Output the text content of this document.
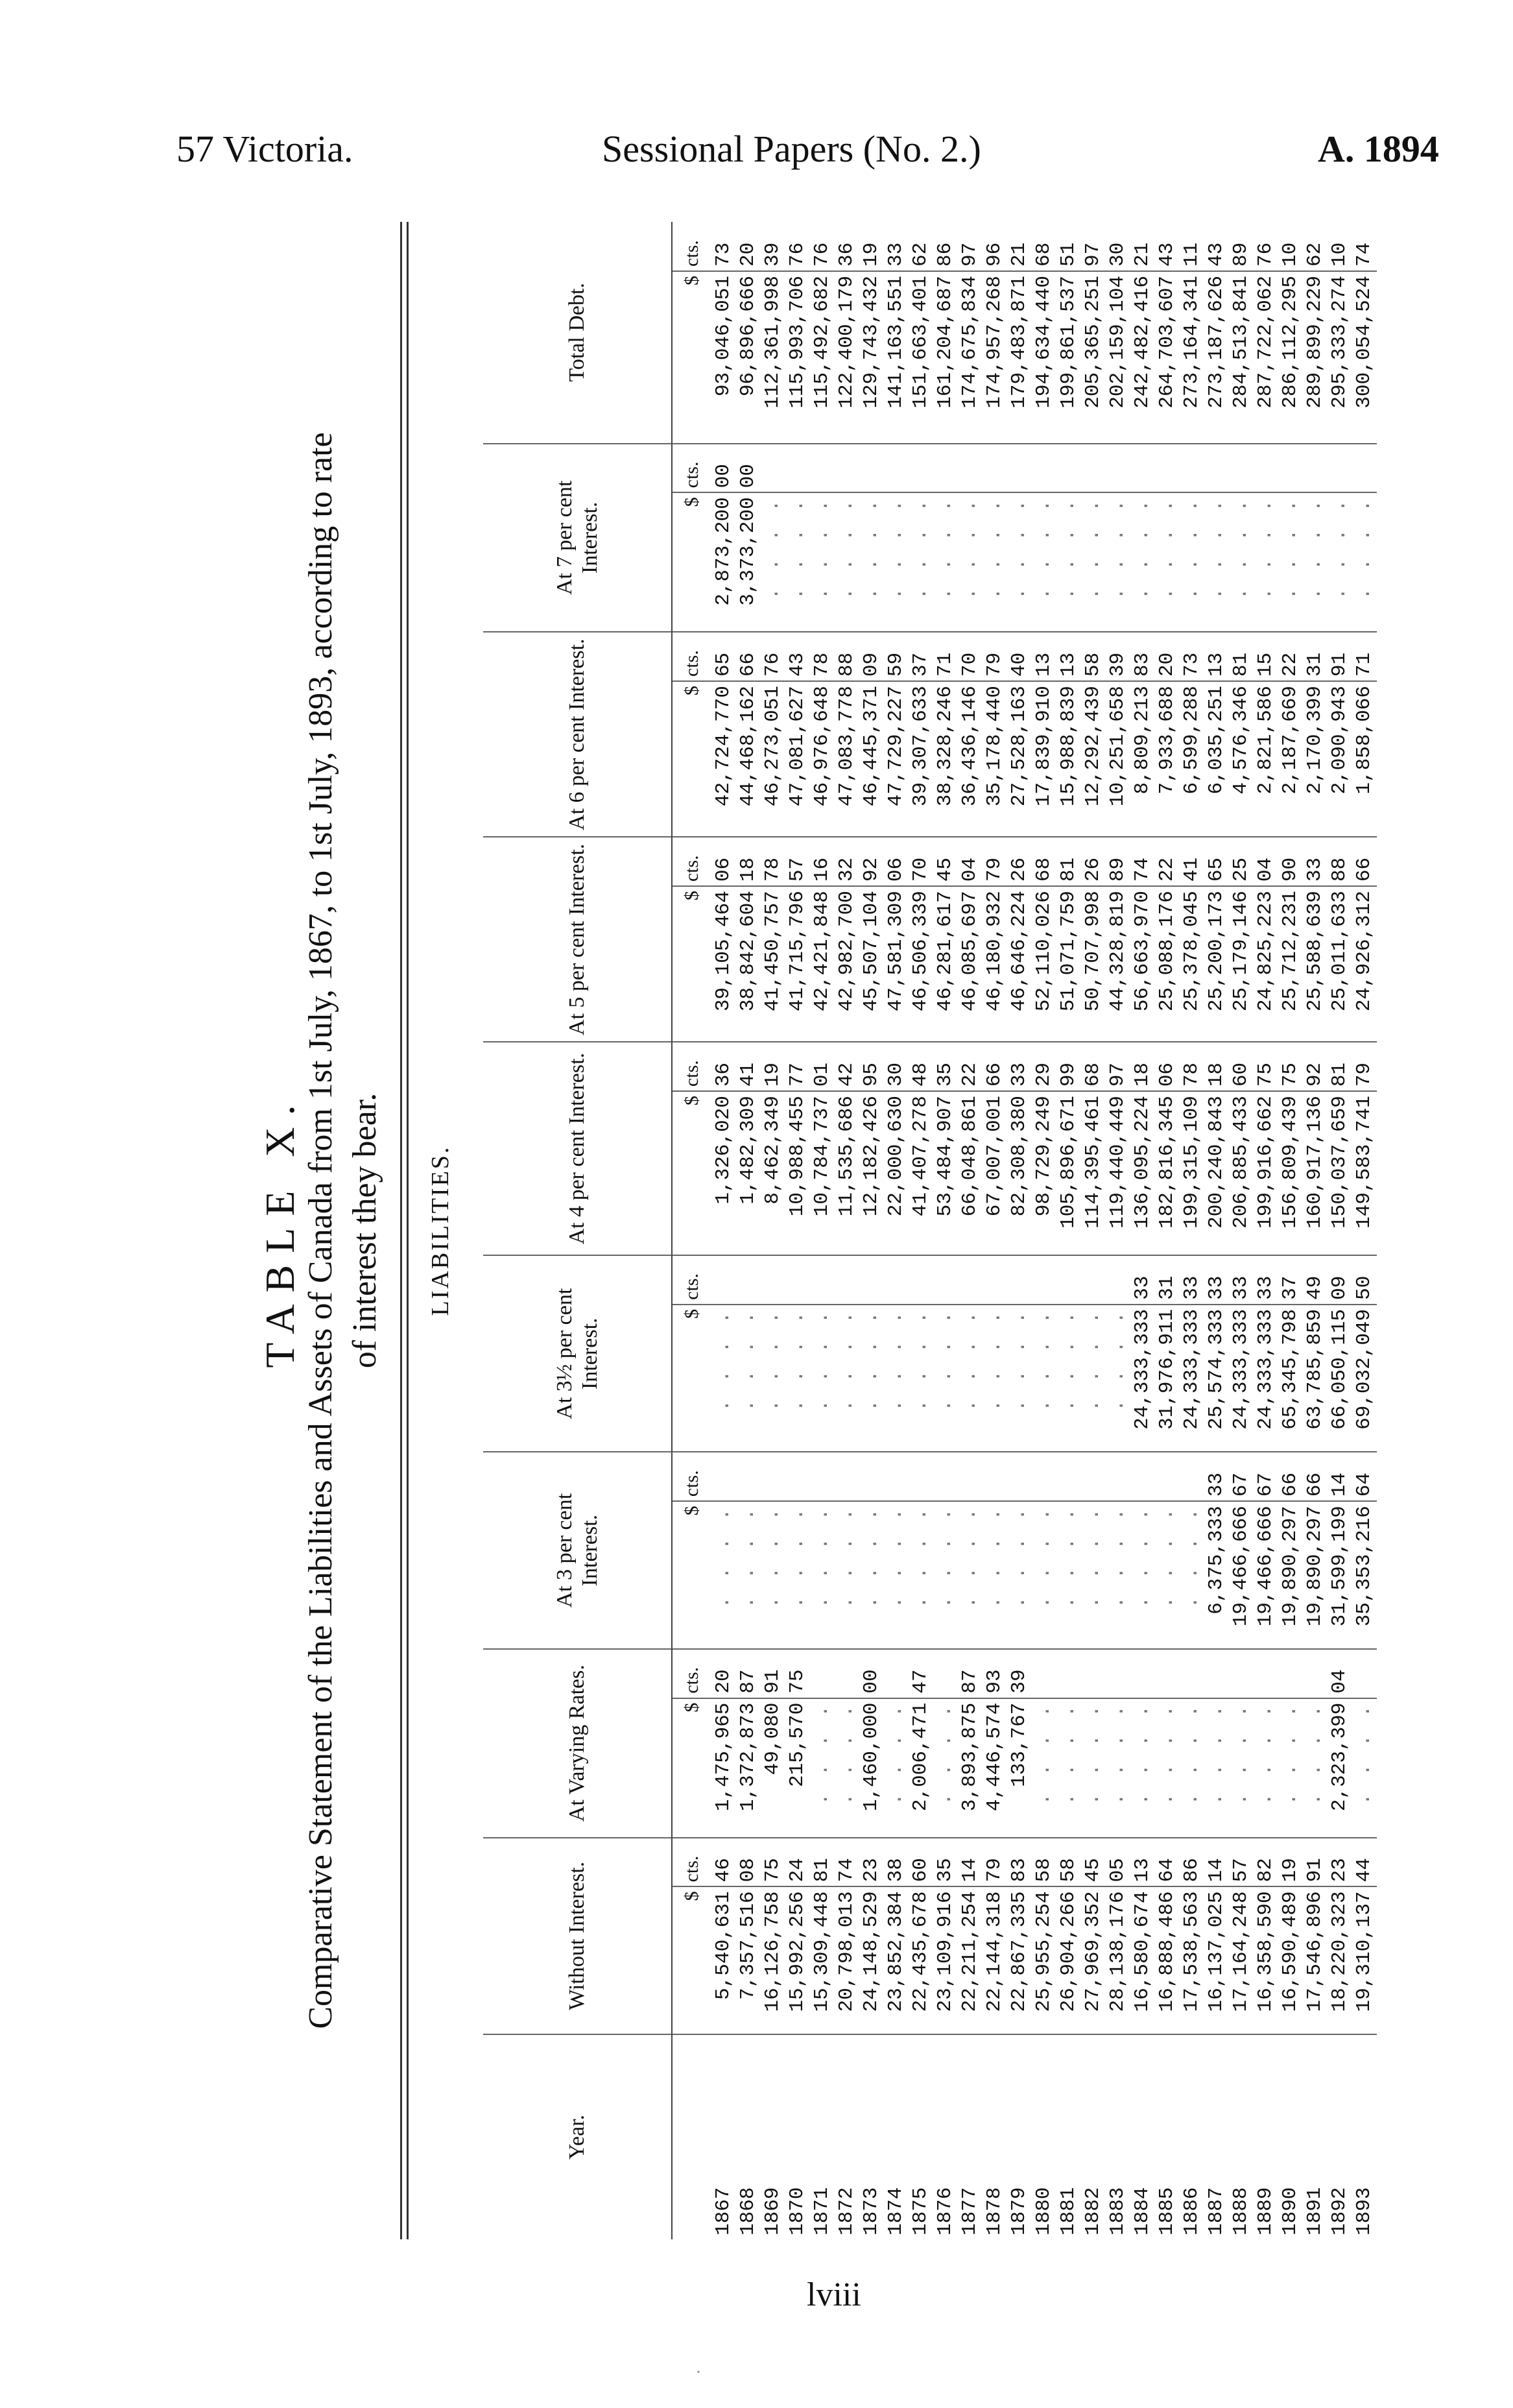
57 Victoria.	Sessional Papers (No. 2.)	A. 1894
TABLE X. Comparative Statement of the Liabilities and Assets of Canada from 1st July, 1867, to 1st July, 1893, according to rate of interest they bear. LIABILITIES.
Year.	Without Interest.		At Varying Rates.		At 3 per cent Interest.		At 3½ per cent Interest.		At 4 per cent Interest.		At 5 per cent Interest.		At 6 per cent Interest.		At 7 per cent Interest.		Total Debt.	
	$	cts.	$	cts.	$	cts.	$	cts.	$	cts.	$	cts.	$	cts.	$	cts.	$	cts.
1867	5,540,631	46	1,475,965	20	. . . .		. . . .		1,326,020	36	39,105,464	06	42,724,770	65	2,873,200	00	93,046,051	73
1868	7,357,516	08	1,372,873	87	. . . .		. . . .		1,482,309	41	38,842,604	18	44,468,162	66	3,373,200	00	96,896,666	20
1869	16,126,758	75	49,080	91	. . . .		. . . .		8,462,349	19	41,450,757	78	46,273,051	76	. . . .		112,361,998	39
1870	15,992,256	24	215,570	75	. . . .		. . . .		10,988,455	77	41,715,796	57	47,081,627	43	. . . .		115,993,706	76
1871	15,309,448	81	. . . .		. . . .		. . . .		10,784,737	01	42,421,848	16	46,976,648	78	. . . .		115,492,682	76
1872	20,798,013	74	. . . .		. . . .		. . . .		11,535,686	42	42,982,700	32	47,083,778	88	. . . .		122,400,179	36
1873	24,148,529	23	1,460,000	00	. . . .		. . . .		12,182,426	95	45,507,104	92	46,445,371	09	. . . .		129,743,432	19
1874	23,852,384	38	. . . .		. . . .		. . . .		22,000,630	30	47,581,309	06	47,729,227	59	. . . .		141,163,551	33
1875	22,435,678	60	2,006,471	47	. . . .		. . . .		41,407,278	48	46,506,339	70	39,307,633	37	. . . .		151,663,401	62
1876	23,109,916	35	. . . .		. . . .		. . . .		53,484,907	35	46,281,617	45	38,328,246	71	. . . .		161,204,687	86
1877	22,211,254	14	3,893,875	87	. . . .		. . . .		66,048,861	22	46,085,697	04	36,436,146	70	. . . .		174,675,834	97
1878	22,144,318	79	4,446,574	93	. . . .		. . . .		67,007,001	66	46,180,932	79	35,178,440	79	. . . .		174,957,268	96
1879	22,867,335	83	133,767	39	. . . .		. . . .		82,308,380	33	46,646,224	26	27,528,163	40	. . . .		179,483,871	21
1880	25,955,254	58	. . . .		. . . .		. . . .		98,729,249	29	52,110,026	68	17,839,910	13	. . . .		194,634,440	68
1881	26,904,266	58	. . . .		. . . .		. . . .		105,896,671	99	51,071,759	81	15,988,839	13	. . . .		199,861,537	51
1882	27,969,352	45	. . . .		. . . .		. . . .		114,395,461	68	50,707,998	26	12,292,439	58	. . . .		205,365,251	97
1883	28,138,176	05	. . . .		. . . .		. . . .		119,440,449	97	44,328,819	89	10,251,658	39	. . . .		202,159,104	30
1884	16,580,674	13	. . . .		. . . .		24,333,333	33	136,095,224	18	56,663,970	74	8,809,213	83	. . . .		242,482,416	21
1885	16,888,486	64	. . . .		. . . .		31,976,911	31	182,816,345	06	25,088,176	22	7,933,688	20	. . . .		264,703,607	43
1886	17,538,563	86	. . . .		. . . .		24,333,333	33	199,315,109	78	25,378,045	41	6,599,288	73	. . . .		273,164,341	11
1887	16,137,025	14	. . . .		6,375,333	33	25,574,333	33	200,240,843	18	25,200,173	65	6,035,251	13	. . . .		273,187,626	43
1888	17,164,248	57	. . . .		19,466,666	67	24,333,333	33	206,885,433	60	25,179,146	25	4,576,346	81	. . . .		284,513,841	89
1889	16,358,590	82	. . . .		19,466,666	67	24,333,333	33	199,916,662	75	24,825,223	04	2,821,586	15	. . . .		287,722,062	76
1890	16,590,489	19	. . . .		19,890,297	66	65,345,798	37	156,809,439	75	25,712,231	90	2,187,669	22	. . . .		286,112,295	10
1891	17,546,896	91	. . . .		19,890,297	66	63,785,859	49	160,917,136	92	25,588,639	33	2,170,399	31	. . . .		289,899,229	62
1892	18,220,323	23	2,323,399	04	31,599,199	14	66,050,115	09	150,037,659	81	25,011,633	88	2,090,943	91	. . . .		295,333,274	10
1893	19,310,137	44	. . . .		35,353,216	64	69,032,049	50	149,583,741	79	24,926,312	66	1,858,066	71	. . . .		300,054,524	74
lviii
·
